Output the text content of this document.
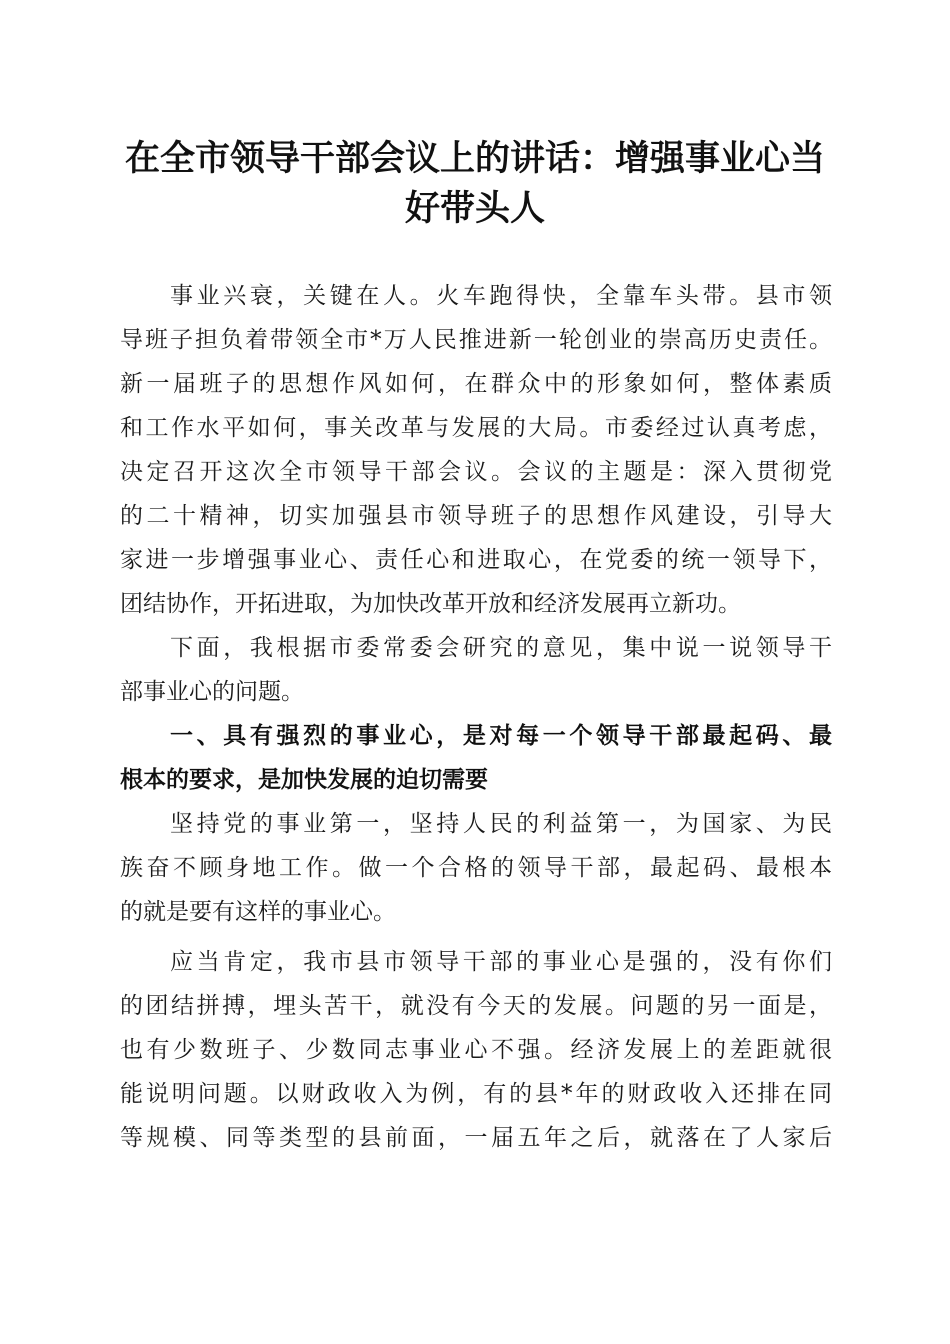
在全市领导干部会议上的讲话：增强事业心当
好带头人
事业兴衰，关键在人。火车跑得快，全靠车头带。县市领
导班子担负着带领全市*万人民推进新一轮创业的崇高历史责任。
新一届班子的思想作风如何，在群众中的形象如何，整体素质
和工作水平如何，事关改革与发展的大局。市委经过认真考虑，
决定召开这次全市领导干部会议。会议的主题是：深入贯彻党
的二十精神，切实加强县市领导班子的思想作风建设，引导大
家进一步增强事业心、责任心和进取心，在党委的统一领导下，
团结协作，开拓进取，为加快改革开放和经济发展再立新功。
下面，我根据市委常委会研究的意见，集中说一说领导干
部事业心的问题。
一、具有强烈的事业心，是对每一个领导干部最起码、最
根本的要求，是加快发展的迫切需要
坚持党的事业第一，坚持人民的利益第一，为国家、为民
族奋不顾身地工作。做一个合格的领导干部，最起码、最根本
的就是要有这样的事业心。
应当肯定，我市县市领导干部的事业心是强的，没有你们
的团结拼搏，埋头苦干，就没有今天的发展。问题的另一面是，
也有少数班子、少数同志事业心不强。经济发展上的差距就很
能说明问题。以财政收入为例，有的县*年的财政收入还排在同
等规模、同等类型的县前面，一届五年之后，就落在了人家后
